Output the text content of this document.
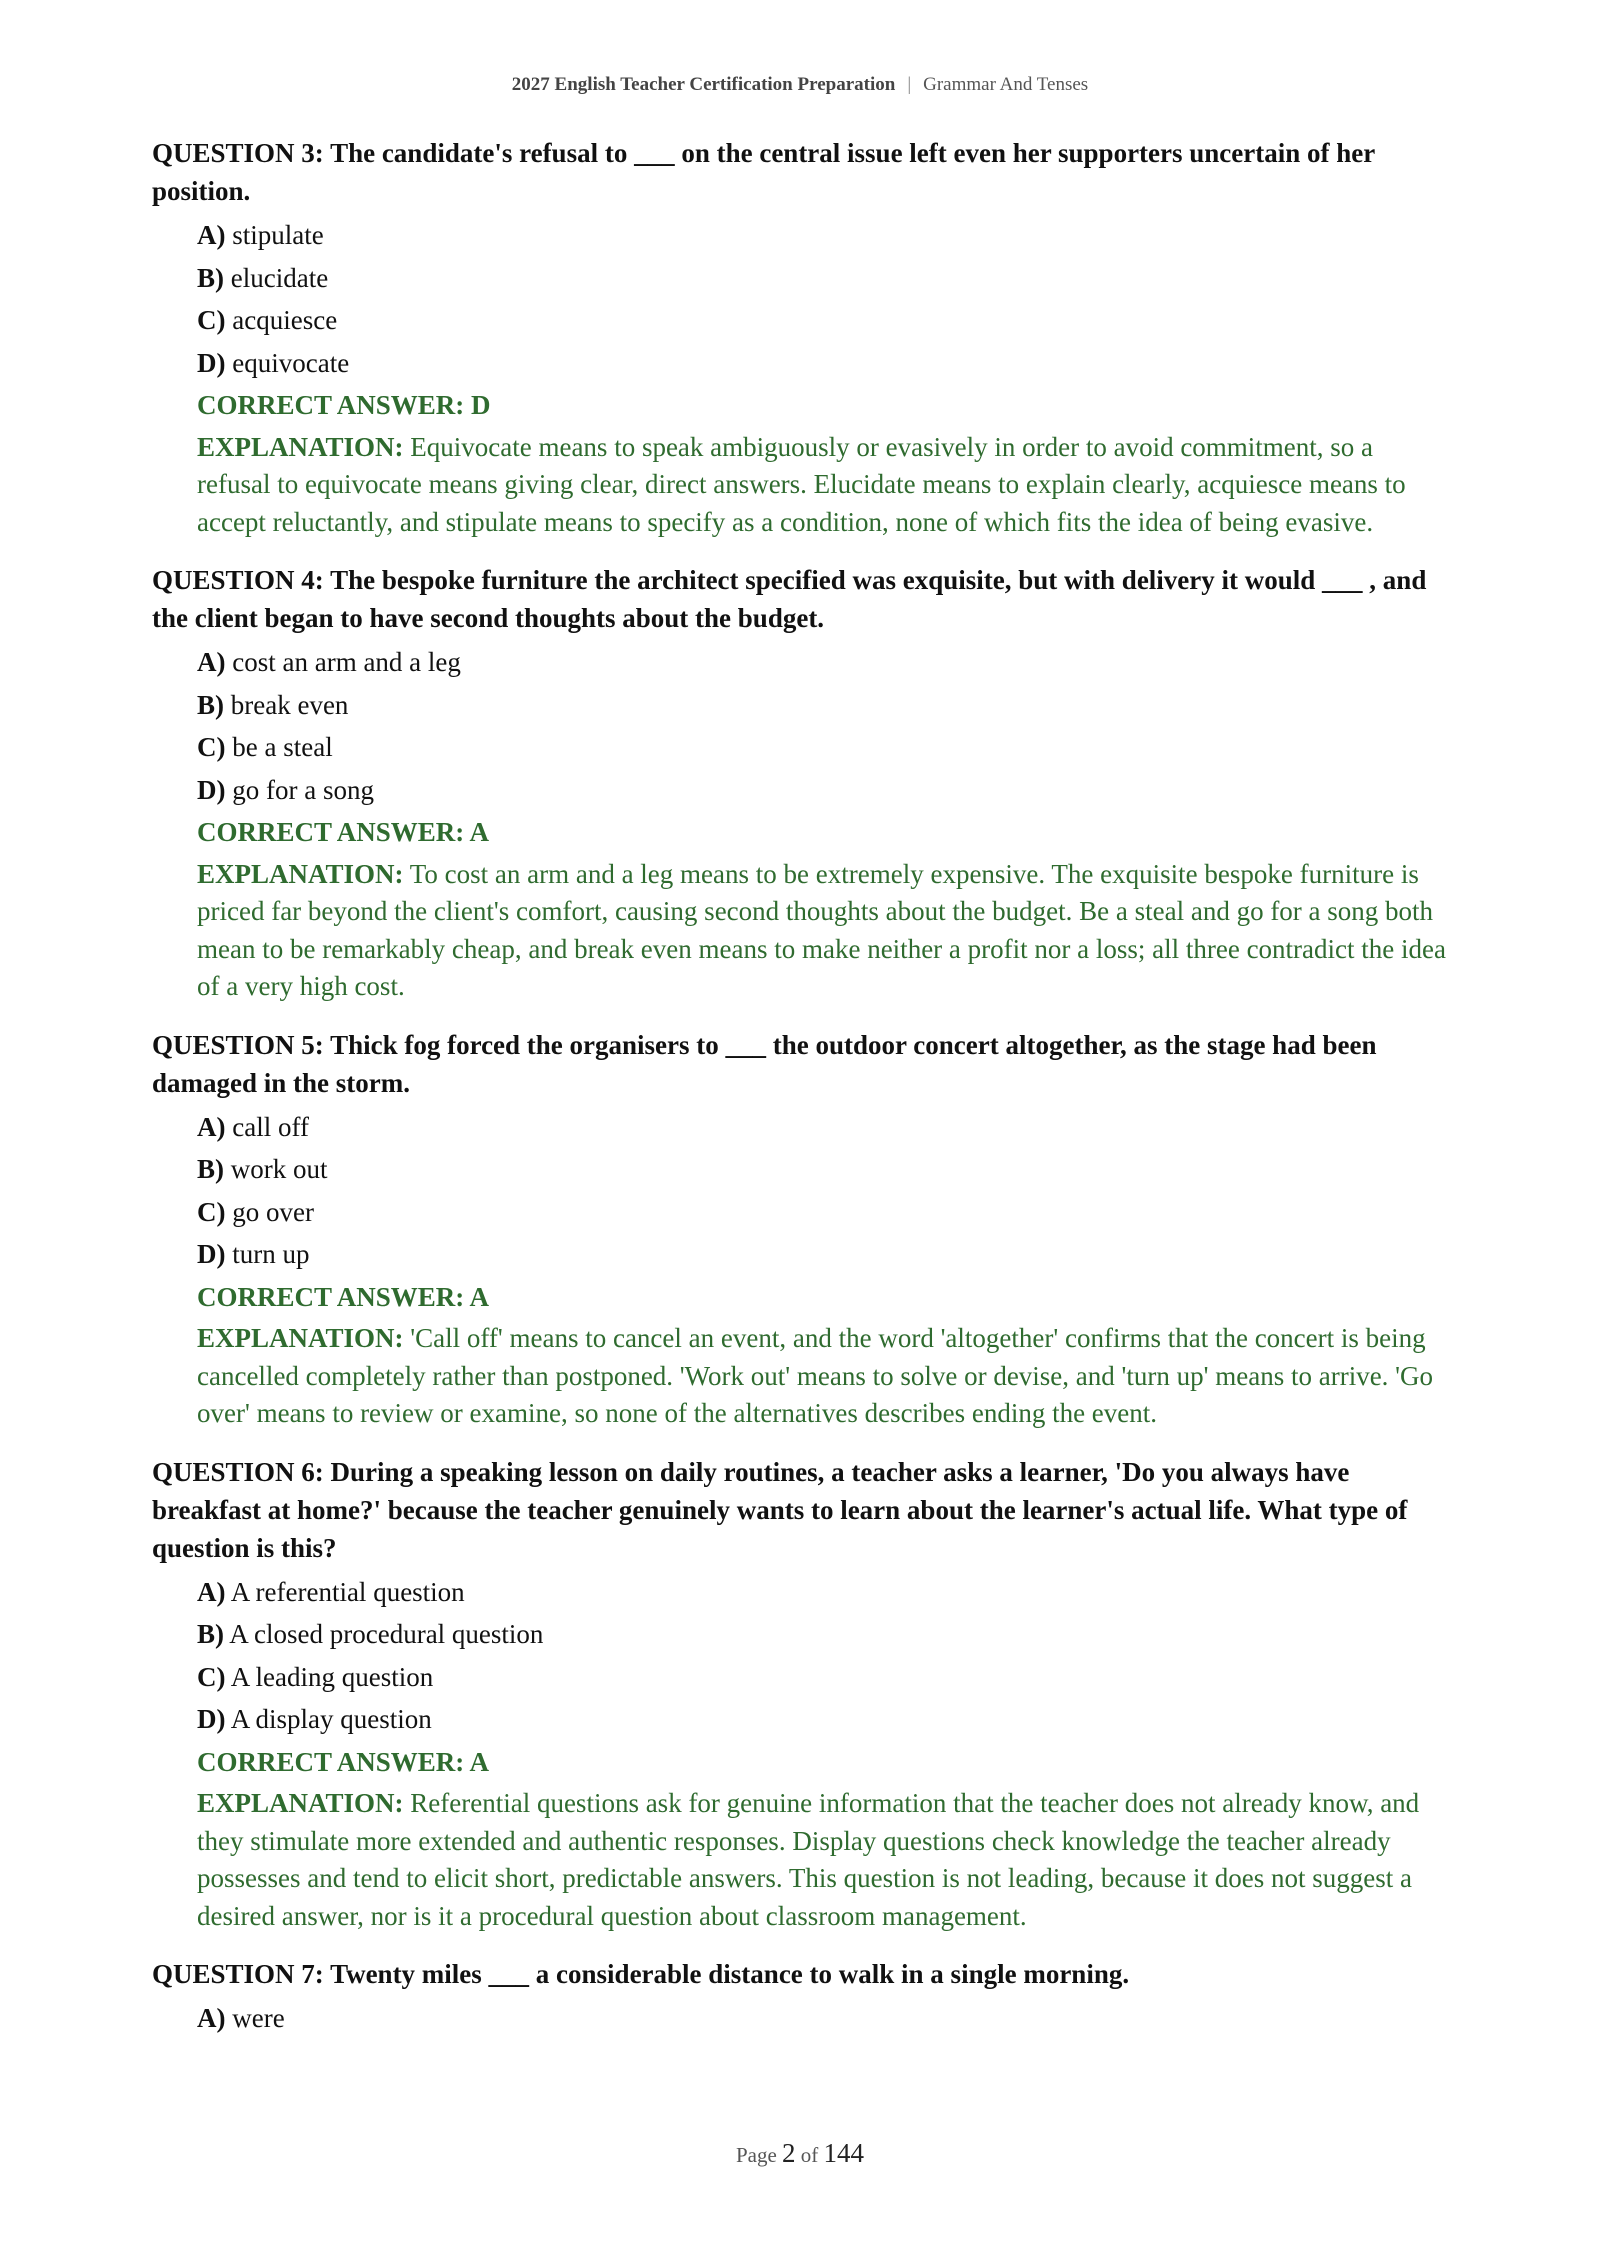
2027 English Teacher Certification Preparation | Grammar And Tenses
QUESTION 3: The candidate's refusal to ___ on the central issue left even her supporters uncertain of her position.
A) stipulate
B) elucidate
C) acquiesce
D) equivocate
CORRECT ANSWER: D
EXPLANATION: Equivocate means to speak ambiguously or evasively in order to avoid commitment, so a refusal to equivocate means giving clear, direct answers. Elucidate means to explain clearly, acquiesce means to accept reluctantly, and stipulate means to specify as a condition, none of which fits the idea of being evasive.
QUESTION 4: The bespoke furniture the architect specified was exquisite, but with delivery it would ___ , and the client began to have second thoughts about the budget.
A) cost an arm and a leg
B) break even
C) be a steal
D) go for a song
CORRECT ANSWER: A
EXPLANATION: To cost an arm and a leg means to be extremely expensive. The exquisite bespoke furniture is priced far beyond the client's comfort, causing second thoughts about the budget. Be a steal and go for a song both mean to be remarkably cheap, and break even means to make neither a profit nor a loss; all three contradict the idea of a very high cost.
QUESTION 5: Thick fog forced the organisers to ___ the outdoor concert altogether, as the stage had been damaged in the storm.
A) call off
B) work out
C) go over
D) turn up
CORRECT ANSWER: A
EXPLANATION: 'Call off' means to cancel an event, and the word 'altogether' confirms that the concert is being cancelled completely rather than postponed. 'Work out' means to solve or devise, and 'turn up' means to arrive. 'Go over' means to review or examine, so none of the alternatives describes ending the event.
QUESTION 6: During a speaking lesson on daily routines, a teacher asks a learner, 'Do you always have breakfast at home?' because the teacher genuinely wants to learn about the learner's actual life. What type of question is this?
A) A referential question
B) A closed procedural question
C) A leading question
D) A display question
CORRECT ANSWER: A
EXPLANATION: Referential questions ask for genuine information that the teacher does not already know, and they stimulate more extended and authentic responses. Display questions check knowledge the teacher already possesses and tend to elicit short, predictable answers. This question is not leading, because it does not suggest a desired answer, nor is it a procedural question about classroom management.
QUESTION 7: Twenty miles ___ a considerable distance to walk in a single morning.
A) were
Page 2 of 144
